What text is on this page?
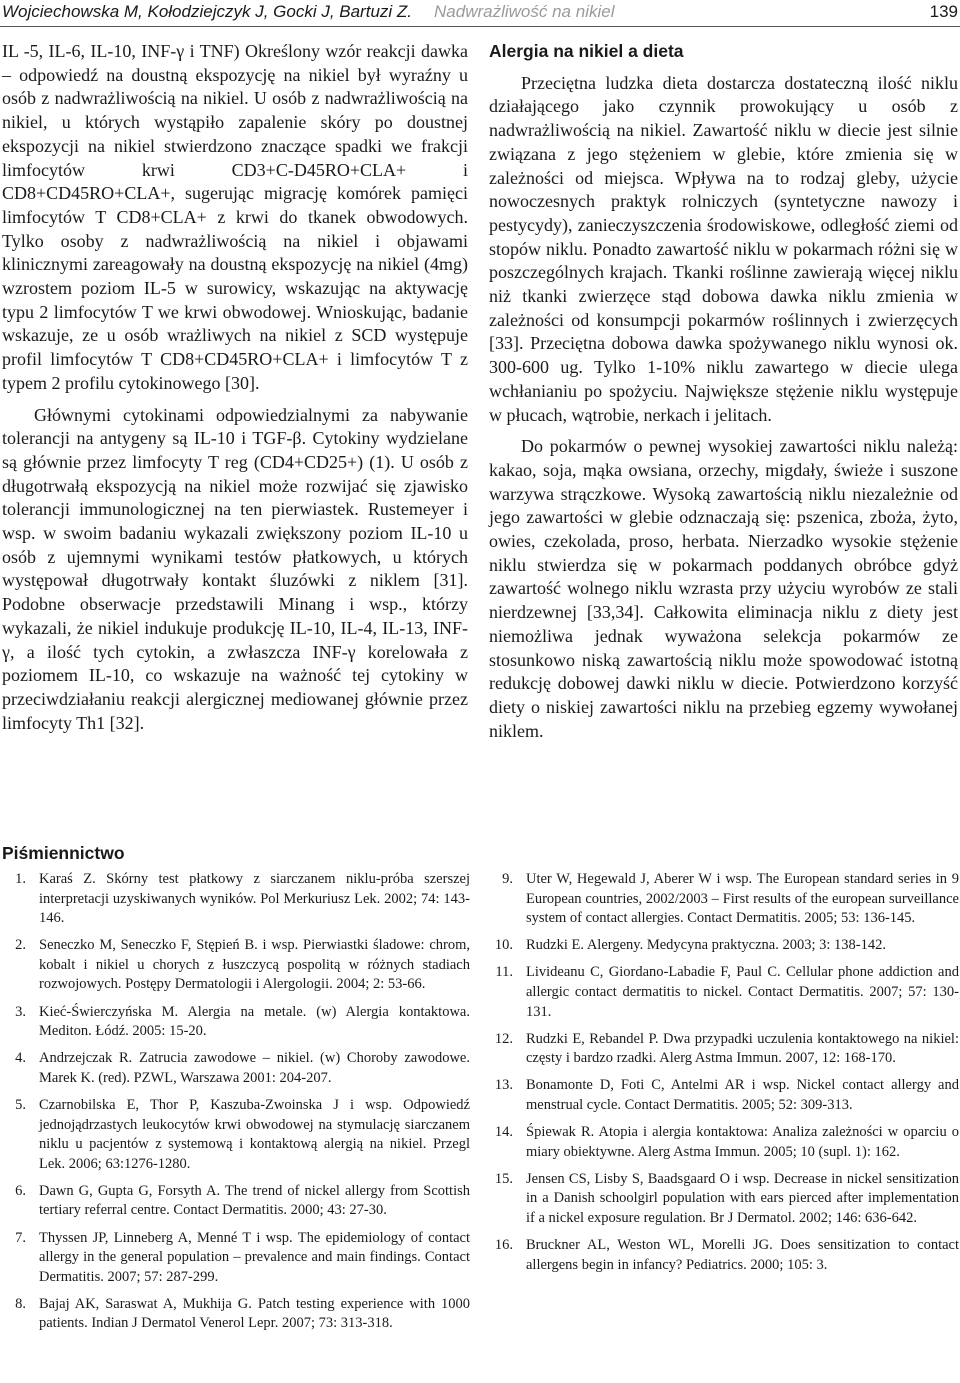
Wojciechowska M, Kołodziejczyk J, Gocki J, Bartuzi Z. Nadwrażliwość na nikiel	139

IL -5, IL-6, IL-10, INF-γ i TNF) Określony wzór reakcji dawka – odpowiedź na doustną ekspozycję na nikiel był wyraźny u osób z nadwrażliwością na nikiel. U osób z nadwrażliwością na nikiel, u których wystąpiło zapalenie skóry po doustnej ekspozycji na nikiel stwierdzono znaczące spadki we frakcji limfocytów krwi CD3+C-D45RO+CLA+ i CD8+CD45RO+CLA+, sugerując migrację komórek pamięci limfocytów T CD8+CLA+ z krwi do tkanek obwodowych. Tylko osoby z nadwrażliwością na nikiel i objawami klinicznymi zareagowały na doustną ekspozycję na nikiel (4mg) wzrostem poziom IL-5 w surowicy, wskazując na aktywację typu 2 limfocytów T we krwi obwodowej. Wnioskując, badanie wskazuje, ze u osób wrażliwych na nikiel z SCD występuje profil limfocytów T CD8+CD45RO+CLA+ i limfocytów T z typem 2 profilu cytokinowego [30].

Głównymi cytokinami odpowiedzialnymi za nabywanie tolerancji na antygeny są IL-10 i TGF-β. Cytokiny wydzielane są głównie przez limfocyty T reg (CD4+CD25+) (1). U osób z długotrwałą ekspozycją na nikiel może rozwijać się zjawisko tolerancji immunologicznej na ten pierwiastek. Rustemeyer i wsp. w swoim badaniu wykazali zwiększony poziom IL-10 u osób z ujemnymi wynikami testów płatkowych, u których występował długotrwały kontakt śluzówki z niklem [31]. Podobne obserwacje przedstawili Minang i wsp., którzy wykazali, że nikiel indukuje produkcję IL-10, IL-4, IL-13, INF-γ, a ilość tych cytokin, a zwłaszcza INF-γ korelowała z poziomem IL-10, co wskazuje na ważność tej cytokiny w przeciwdziałaniu reakcji alergicznej mediowanej głównie przez limfocyty Th1 [32].

Alergia na nikiel a dieta

Przeciętna ludzka dieta dostarcza dostateczną ilość niklu działającego jako czynnik prowokujący u osób z nadwrażliwością na nikiel. Zawartość niklu w diecie jest silnie związana z jego stężeniem w glebie, które zmienia się w zależności od miejsca. Wpływa na to rodzaj gleby, użycie nowoczesnych praktyk rolniczych (syntetyczne nawozy i pestycydy), zanieczyszczenia środowiskowe, odległość ziemi od stopów niklu. Ponadto zawartość niklu w pokarmach różni się w poszczególnych krajach. Tkanki roślinne zawierają więcej niklu niż tkanki zwierzęce stąd dobowa dawka niklu zmienia w zależności od konsumpcji pokarmów roślinnych i zwierzęcych [33]. Przeciętna dobowa dawka spożywanego niklu wynosi ok. 300-600 ug. Tylko 1-10% niklu zawartego w diecie ulega wchłanianiu po spożyciu. Największe stężenie niklu występuje w płucach, wątrobie, nerkach i jelitach.

Do pokarmów o pewnej wysokiej zawartości niklu należą: kakao, soja, mąka owsiana, orzechy, migdały, świeże i suszone warzywa strączkowe. Wysoką zawartością niklu niezależnie od jego zawartości w glebie odznaczają się: pszenica, zboża, żyto, owies, czekolada, proso, herbata. Nierzadko wysokie stężenie niklu stwierdza się w pokarmach poddanych obróbce gdyż zawartość wolnego niklu wzrasta przy użyciu wyrobów ze stali nierdzewnej [33,34]. Całkowita eliminacja niklu z diety jest niemożliwa jednak wyważona selekcja pokarmów ze stosunkowo niską zawartością niklu może spowodować istotną redukcję dobowej dawki niklu w diecie. Potwierdzono korzyść diety o niskiej zawartości niklu na przebieg egzemy wywołanej niklem.

Piśmiennictwo
1. Karaś Z. Skórny test płatkowy z siarczanem niklu-próba szerszej interpretacji uzyskiwanych wyników. Pol Merkuriusz Lek. 2002; 74: 143-146.
2. Seneczko M, Seneczko F, Stępień B. i wsp. Pierwiastki śladowe: chrom, kobalt i nikiel u chorych z łuszczycą pospolitą w różnych stadiach rozwojowych. Postępy Dermatologii i Alergologii. 2004; 2: 53-66.
3. Kieć-Świerczyńska M. Alergia na metale. (w) Alergia kontaktowa. Mediton. Łódź. 2005: 15-20.
4. Andrzejczak R. Zatrucia zawodowe – nikiel. (w) Choroby zawodowe. Marek K. (red). PZWL, Warszawa 2001: 204-207.
5. Czarnobilska E, Thor P, Kaszuba-Zwoinska J i wsp. Odpowiedź jednojądrzastych leukocytów krwi obwodowej na stymulację siarczanem niklu u pacjentów z systemową i kontaktową alergią na nikiel. Przegl Lek. 2006; 63:1276-1280.
6. Dawn G, Gupta G, Forsyth A. The trend of nickel allergy from Scottish tertiary referral centre. Contact Dermatitis. 2000; 43: 27-30.
7. Thyssen JP, Linneberg A, Menné T i wsp. The epidemiology of contact allergy in the general population – prevalence and main findings. Contact Dermatitis. 2007; 57: 287-299.
8. Bajaj AK, Saraswat A, Mukhija G. Patch testing experience with 1000 patients. Indian J Dermatol Venerol Lepr. 2007; 73: 313-318.
9. Uter W, Hegewald J, Aberer W i wsp. The European standard series in 9 European countries, 2002/2003 – First results of the european surveillance system of contact allergies. Contact Dermatitis. 2005; 53: 136-145.
10. Rudzki E. Alergeny. Medycyna praktyczna. 2003; 3: 138-142.
11. Livideanu C, Giordano-Labadie F, Paul C. Cellular phone addiction and allergic contact dermatitis to nickel. Contact Dermatitis. 2007; 57: 130-131.
12. Rudzki E, Rebandel P. Dwa przypadki uczulenia kontaktowego na nikiel: częsty i bardzo rzadki. Alerg Astma Immun. 2007, 12: 168-170.
13. Bonamonte D, Foti C, Antelmi AR i wsp. Nickel contact allergy and menstrual cycle. Contact Dermatitis. 2005; 52: 309-313.
14. Śpiewak R. Atopia i alergia kontaktowa: Analiza zależności w oparciu o miary obiektywne. Alerg Astma Immun. 2005; 10 (supl. 1): 162.
15. Jensen CS, Lisby S, Baadsgaard O i wsp. Decrease in nickel sensitization in a Danish schoolgirl population with ears pierced after implementation if a nickel exposure regulation. Br J Dermatol. 2002; 146: 636-642.
16. Bruckner AL, Weston WL, Morelli JG. Does sensitization to contact allergens begin in infancy? Pediatrics. 2000; 105: 3.
